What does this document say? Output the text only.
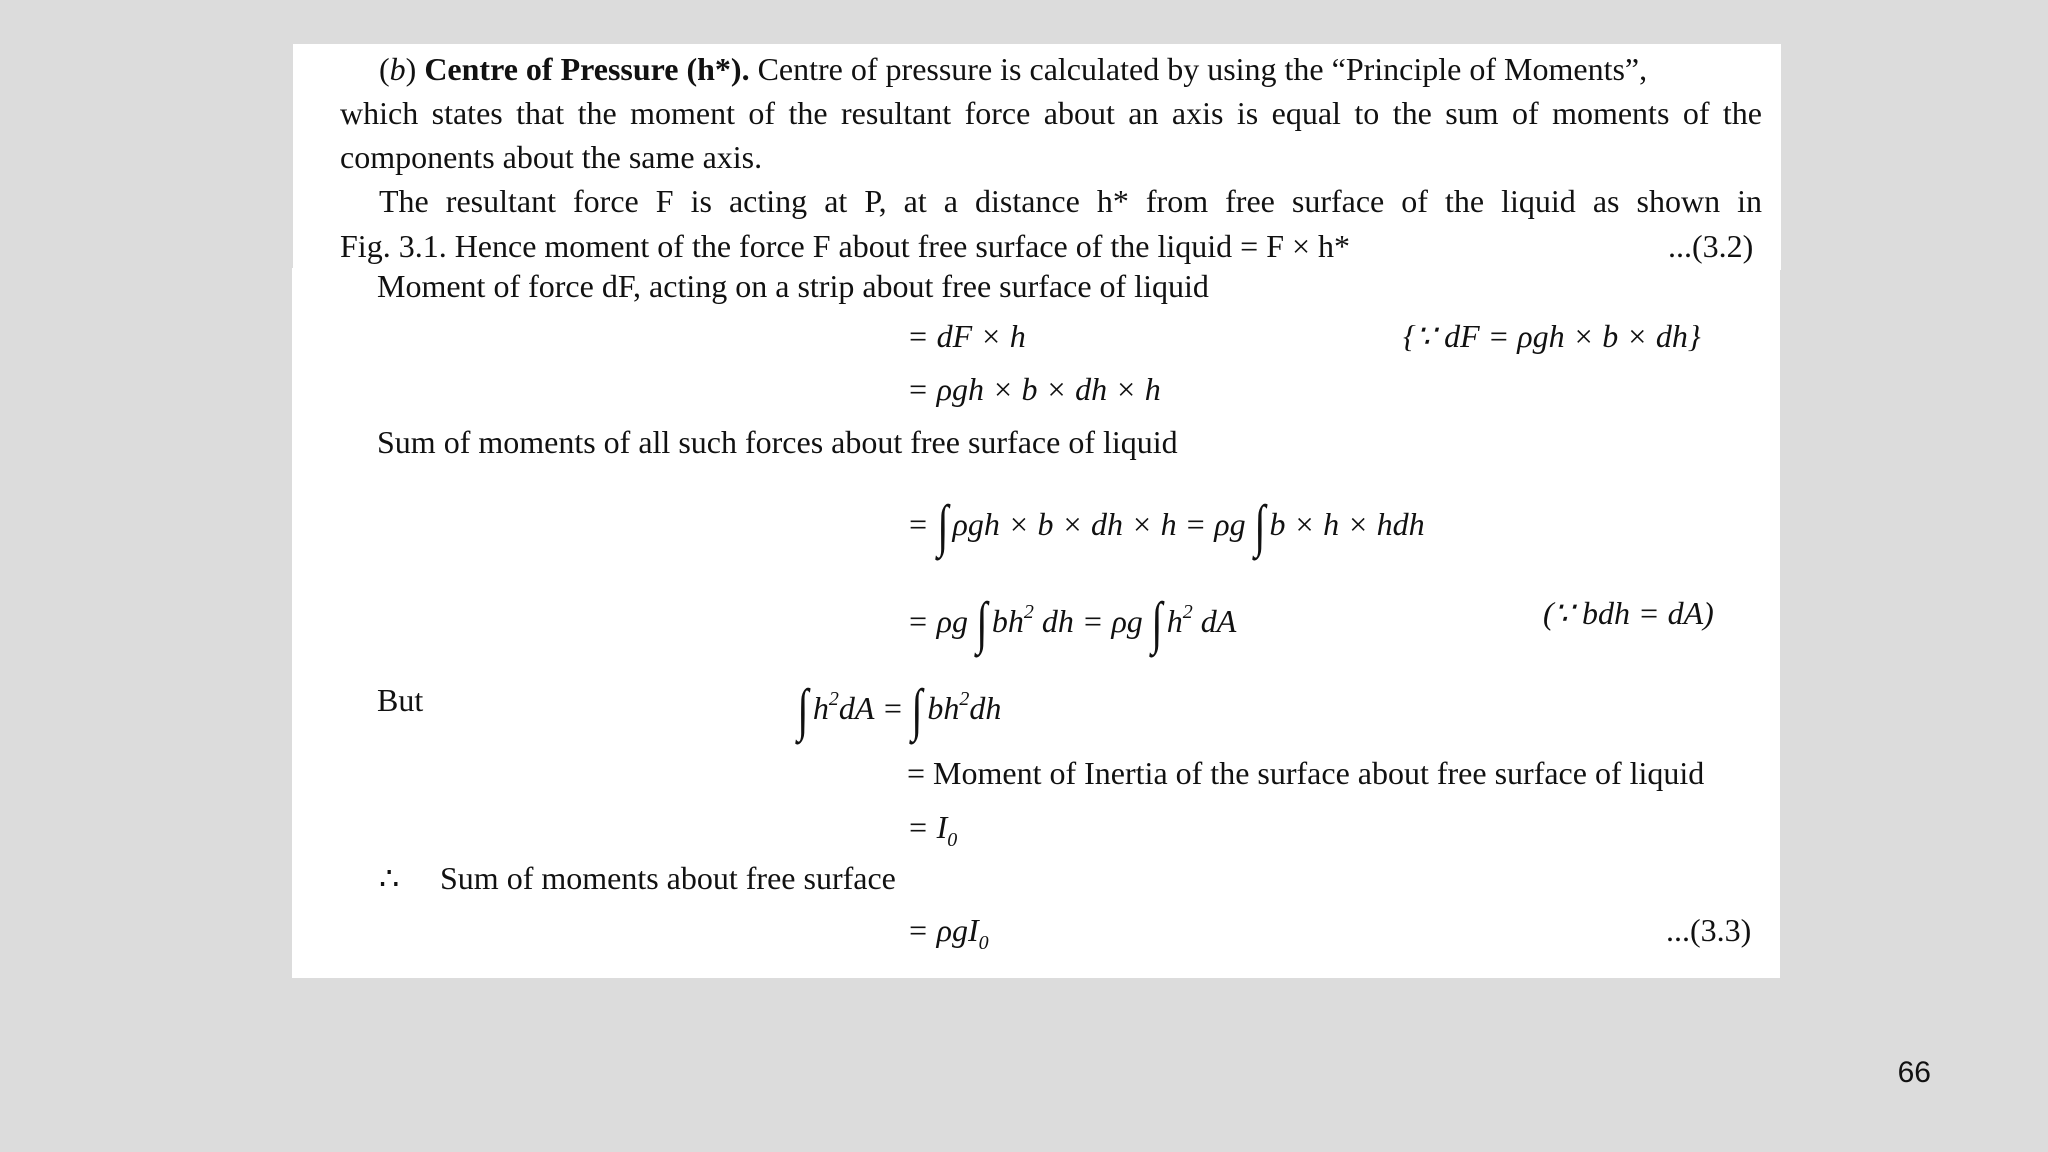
(b) Centre of Pressure (h*). Centre of pressure is calculated by using the “Principle of Moments”,
which states that the moment of the resultant force about an axis is equal to the sum of moments of the
components about the same axis.
The resultant force F is acting at P, at a distance h* from free surface of the liquid as shown in
Fig. 3.1. Hence moment of the force F about free surface of the liquid = F × h*	...(3.2)
Moment of force dF, acting on a strip about free surface of liquid
= dF × h	{∵ dF = ρgh × b × dh}
= ρgh × b × dh × h
Sum of moments of all such forces about free surface of liquid
= ∫ ρgh × b × dh × h = ρg ∫ b × h × hdh
= ρg ∫ $bh^2$ dh = ρg ∫ $h^2$ dA	(∵ bdh = dA)
But	∫ $h^2dA$ = ∫ $bh^2dh$
= Moment of Inertia of the surface about free surface of liquid
= $I_0$
∴ Sum of moments about free surface
= ρgI$_0$	...(3.3)
66
